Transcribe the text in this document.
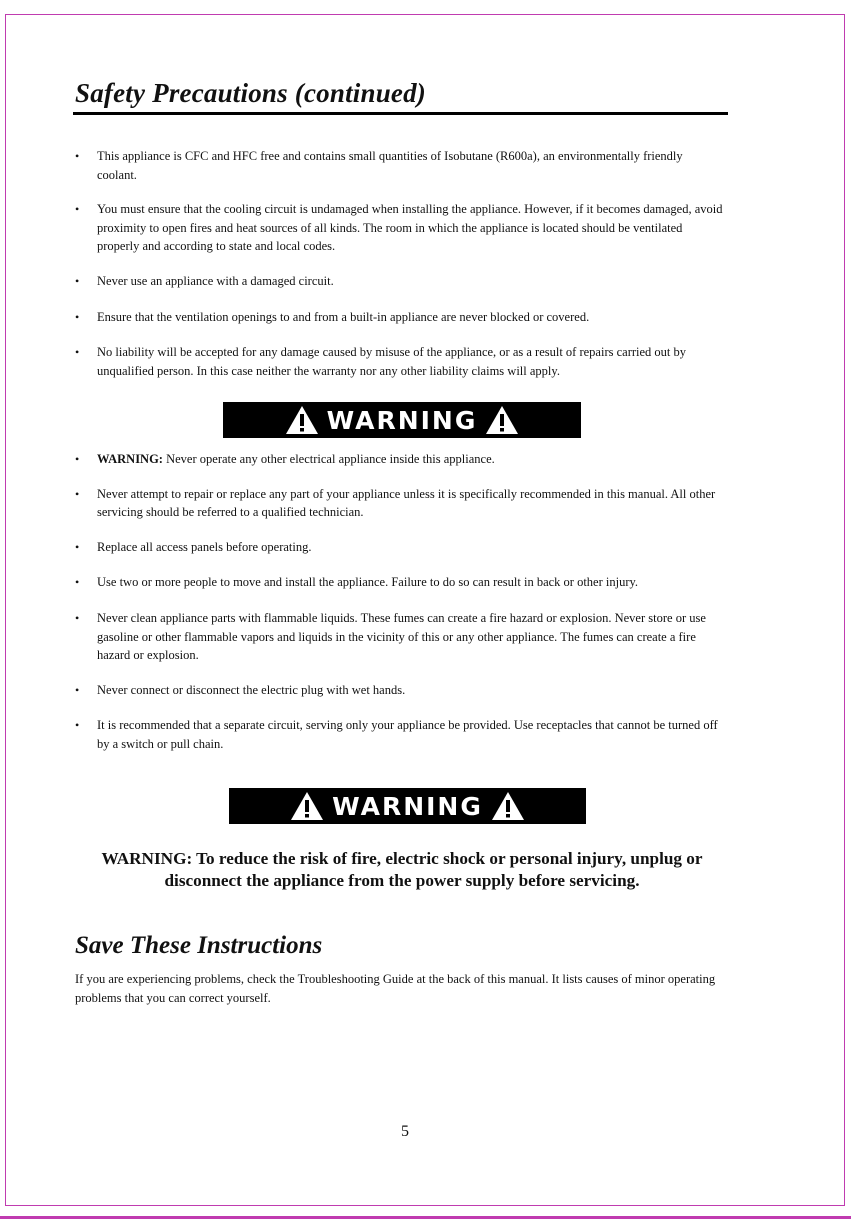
Safety Precautions (continued)
• This appliance is CFC and HFC free and contains small quantities of Isobutane (R600a), an environmentally friendly coolant.
• You must ensure that the cooling circuit is undamaged when installing the appliance. However, if it becomes damaged, avoid proximity to open fires and heat sources of all kinds. The room in which the appliance is located should be ventilated properly and according to state and local codes.
• Never use an appliance with a damaged circuit.
• Ensure that the ventilation openings to and from a built-in appliance are never blocked or covered.
• No liability will be accepted for any damage caused by misuse of the appliance, or as a result of repairs carried out by unqualified person. In this case neither the warranty nor any other liability claims will apply.
WARNING
• WARNING: Never operate any other electrical appliance inside this appliance.
• Never attempt to repair or replace any part of your appliance unless it is specifically recommended in this manual. All other servicing should be referred to a qualified technician.
• Replace all access panels before operating.
• Use two or more people to move and install the appliance. Failure to do so can result in back or other injury.
• Never clean appliance parts with flammable liquids. These fumes can create a fire hazard or explosion. Never store or use gasoline or other flammable vapors and liquids in the vicinity of this or any other appliance. The fumes can create a fire hazard or explosion.
• Never connect or disconnect the electric plug with wet hands.
• It is recommended that a separate circuit, serving only your appliance be provided. Use receptacles that cannot be turned off by a switch or pull chain.
WARNING

WARNING: To reduce the risk of fire, electric shock or personal injury, unplug or disconnect the appliance from the power supply before servicing.

Save These Instructions

If you are experiencing problems, check the Troubleshooting Guide at the back of this manual. It lists causes of minor operating problems that you can correct yourself.

5
